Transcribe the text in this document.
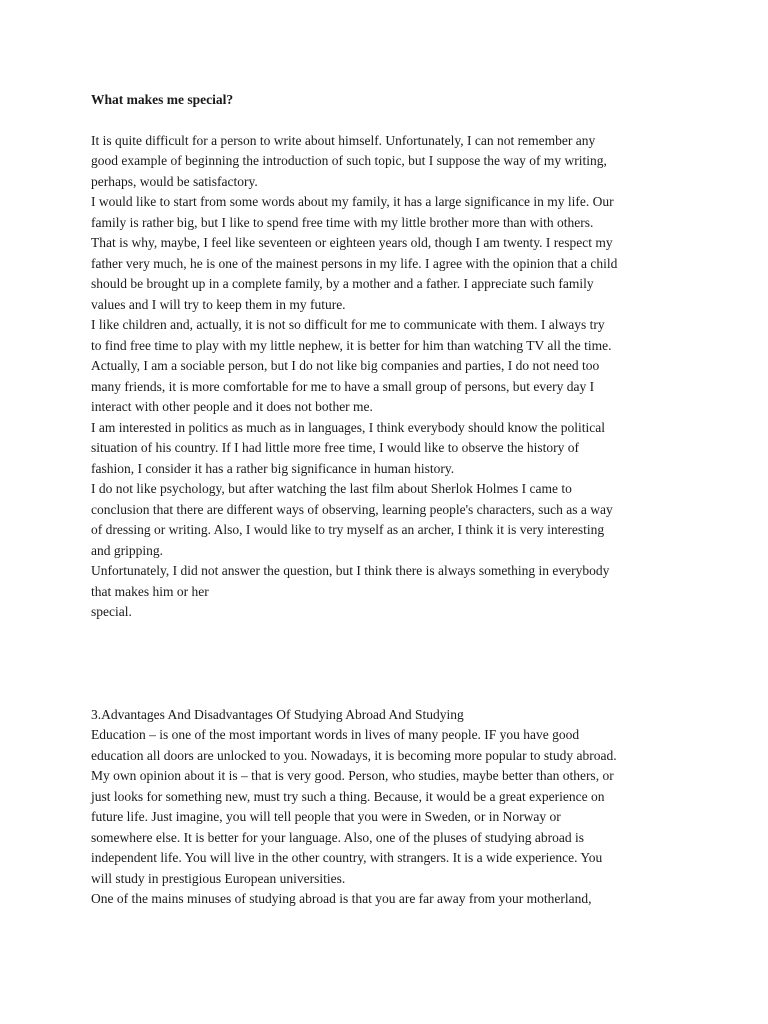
What makes me special?
It is quite difficult for a person to write about himself. Unfortunately, I can not remember any
good example of beginning the introduction of such topic, but I suppose the way of my writing,
perhaps, would be satisfactory.
I would like to start from some words about my family, it has a large significance in my life. Our
family is rather big, but I like to spend free time with my little brother more than with others.
That is why, maybe, I feel like seventeen or eighteen years old, though I am twenty. I respect my
father very much, he is one of the mainest persons in my life. I agree with the opinion that a child
should be brought up in a complete family, by a mother and a father. I appreciate such family
values and I will try to keep them in my future.
I like children and, actually, it is not so difficult for me to communicate with them. I always try
to find free time to play with my little nephew, it is better for him than watching TV all the time.
Actually, I am a sociable person, but I do not like big companies and parties, I do not need too
many friends, it is more comfortable for me to have a small group of persons, but every day I
interact with other people and it does not bother me.
I am interested in politics as much as in languages, I think everybody should know the political
situation of his country. If I had little more free time, I would like to observe the history of
fashion, I consider it has a rather big significance in human history.
I do not like psychology, but after watching the last film about Sherlok Holmes I came to
conclusion that there are different ways of observing, learning people's characters, such as a way
of dressing or writing. Also, I would like to try myself as an archer, I think it is very interesting
and gripping.
Unfortunately, I did not answer the question, but I think there is always something in everybody
that makes him or her
special.
3.Advantages And Disadvantages Of Studying Abroad And Studying
Education – is one of the most important words in lives of many people. IF you have good
education all doors are unlocked to you. Nowadays, it is becoming more popular to study abroad.
My own opinion about it is – that is very good. Person, who studies, maybe better than others, or
just looks for something new, must try such a thing. Because, it would be a great experience on
future life. Just imagine, you will tell people that you were in Sweden, or in Norway or
somewhere else. It is better for your language. Also, one of the pluses of studying abroad is
independent life. You will live in the other country, with strangers. It is a wide experience. You
will study in prestigious European universities.
One of the mains minuses of studying abroad is that you are far away from your motherland,
